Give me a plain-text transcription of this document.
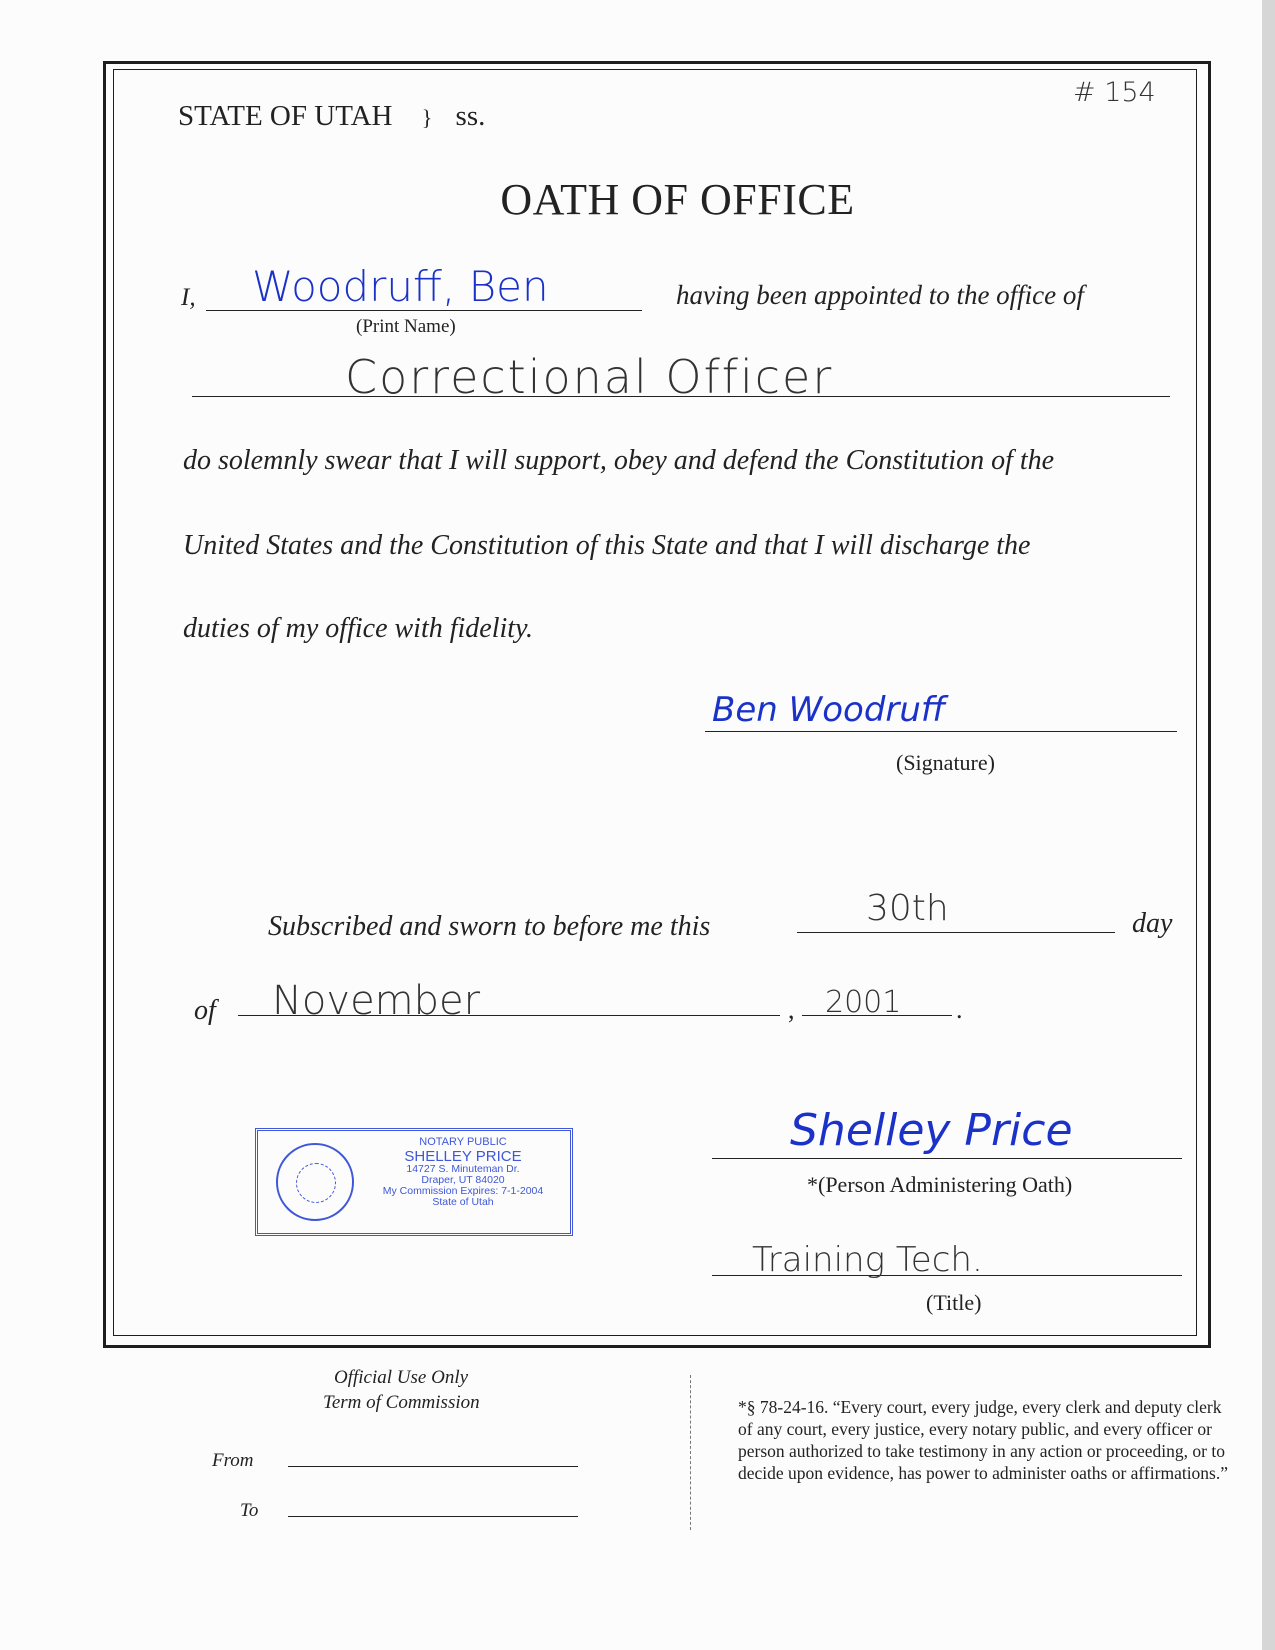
STATE OF UTAH } ss.
# 154
OATH OF OFFICE
I, Woodruff, Ben
(Print Name)
having been appointed to the office of
Correctional Officer
do solemnly swear that I will support, obey and defend the Constitution of the
United States and the Constitution of this State and that I will discharge the
duties of my office with fidelity.
Ben Woodruff
(Signature)
Subscribed and sworn to before me this	30th	day
of November	, 2001 .
NOTARY PUBLIC
SHELLEY PRICE
14727 S. Minuteman Dr.
Draper, UT 84020
My Commission Expires: 7-1-2004
State of Utah
Shelley Price
*(Person Administering Oath)
Training Tech.
(Title)
Official Use Only
Term of Commission
From
To
*§ 78-24-16. “Every court, every judge, every clerk and deputy clerk of any court, every justice, every notary public, and every officer or person authorized to take testimony in any action or proceeding, or to decide upon evidence, has power to administer oaths or affirmations.”
